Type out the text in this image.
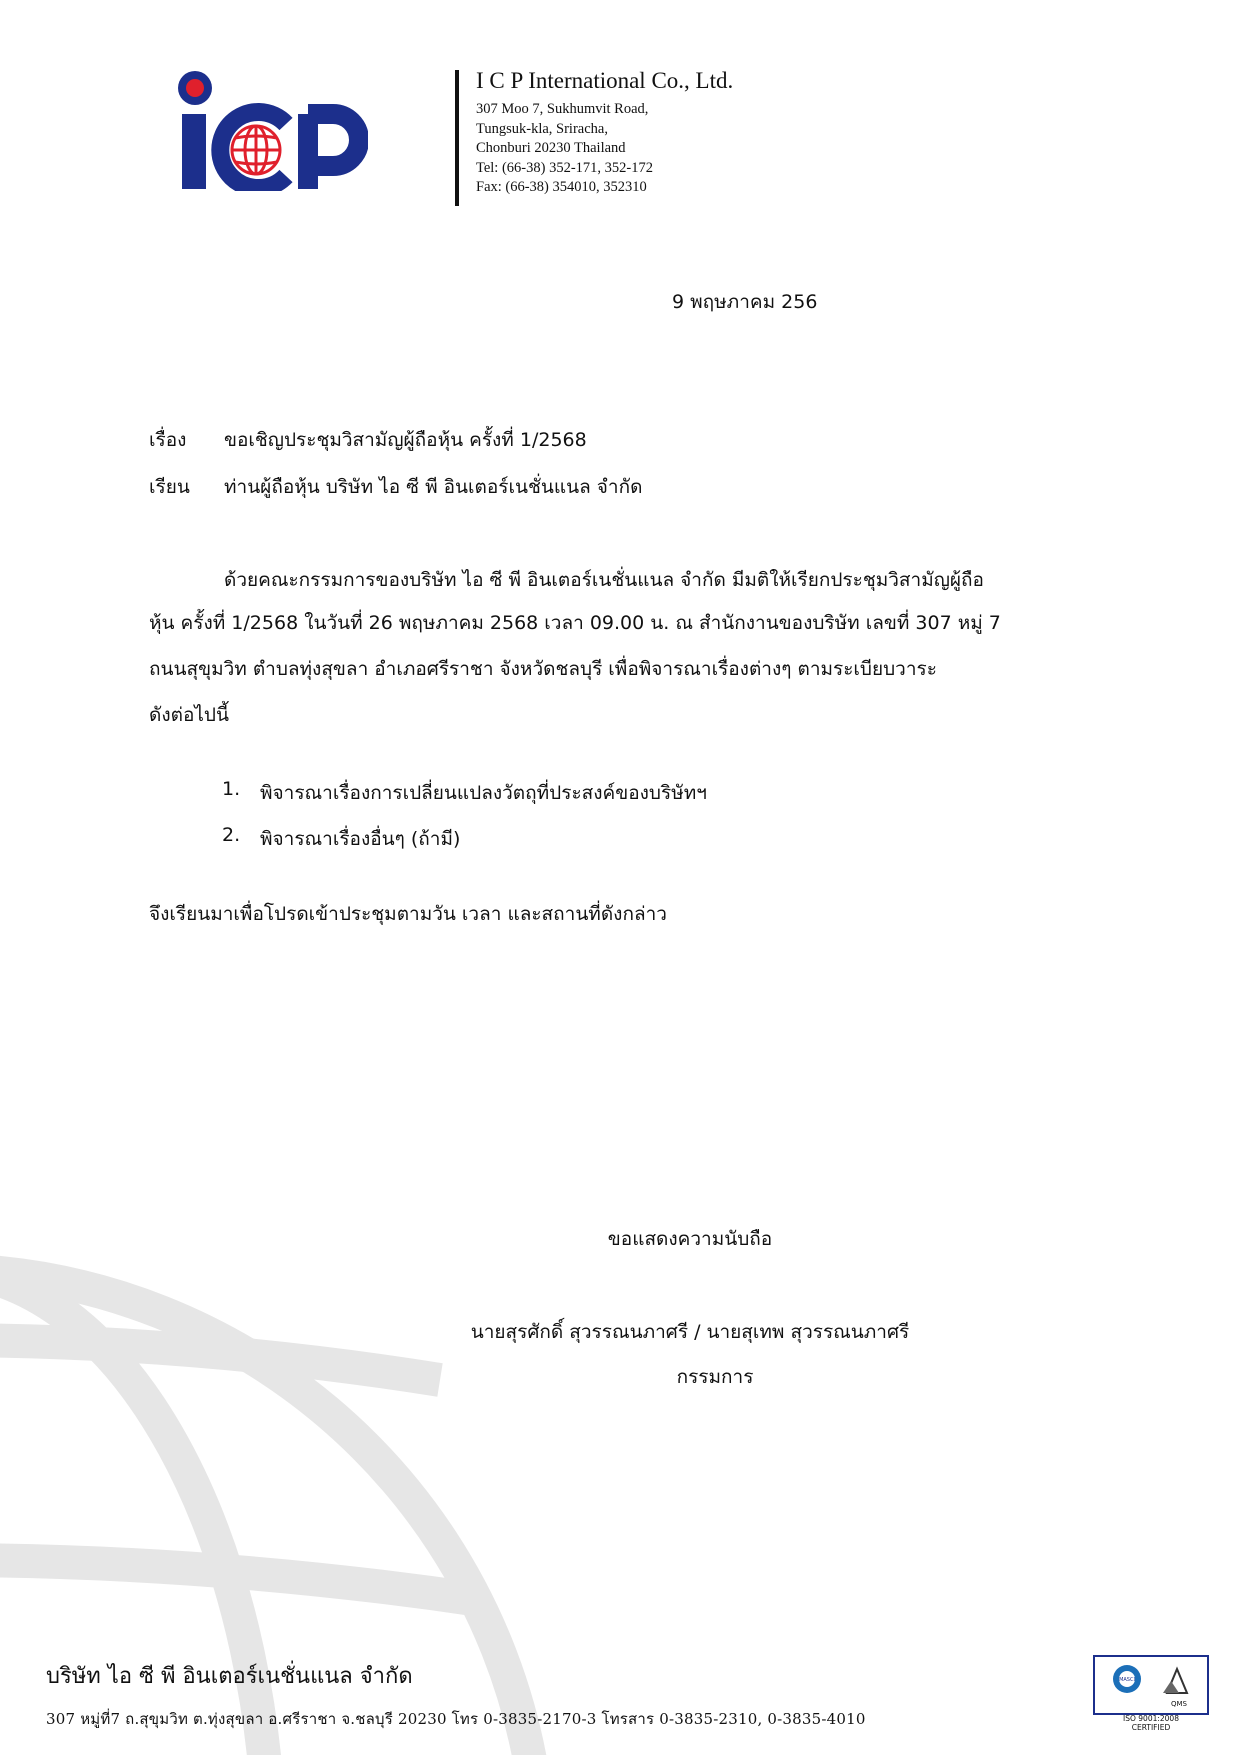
I C P International Co., Ltd.
307 Moo 7, Sukhumvit Road,
Tungsuk-kla, Sriracha,
Chonburi 20230 Thailand
Tel: (66-38) 352-171, 352-172
Fax: (66-38) 354010, 352310
9 พฤษภาคม 256
เรื่อง ขอเชิญประชุมวิสามัญผู้ถือหุ้น ครั้งที่ 1/2568
เรียน ท่านผู้ถือหุ้น บริษัท ไอ ซี พี อินเตอร์เนชั่นแนล จำกัด
ด้วยคณะกรรมการของบริษัท ไอ ซี พี อินเตอร์เนชั่นแนล จำกัด มีมติให้เรียกประชุมวิสามัญผู้ถือ
หุ้น ครั้งที่ 1/2568 ในวันที่ 26 พฤษภาคม 2568 เวลา 09.00 น. ณ สำนักงานของบริษัท เลขที่ 307 หมู่ 7
ถนนสุขุมวิท ตำบลทุ่งสุขลา อำเภอศรีราชา จังหวัดชลบุรี เพื่อพิจารณาเรื่องต่างๆ ตามระเบียบวาระ
ดังต่อไปนี้
1. พิจารณาเรื่องการเปลี่ยนแปลงวัตถุที่ประสงค์ของบริษัทฯ
2. พิจารณาเรื่องอื่นๆ (ถ้ามี)
จึงเรียนมาเพื่อโปรดเข้าประชุมตามวัน เวลา และสถานที่ดังกล่าว
ขอแสดงความนับถือ
นายสุรศักดิ์ สุวรรณนภาศรี / นายสุเทพ สุวรรณนภาศรี
กรรมการ
บริษัท ไอ ซี พี อินเตอร์เนชั่นแนล จำกัด
307 หมู่ที่7 ถ.สุขุมวิท ต.ทุ่งสุขลา อ.ศรีราชา จ.ชลบุรี 20230 โทร 0-3835-2170-3 โทรสาร 0-3835-2310, 0-3835-4010
MASCI
QMS
ISO 9001:2008
CERTIFIED
